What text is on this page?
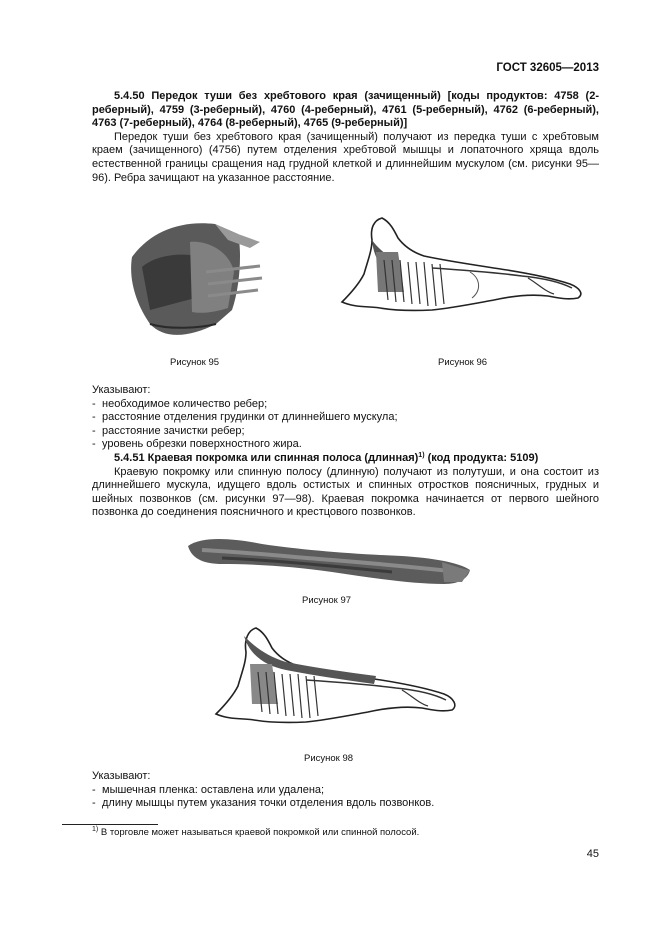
ГОСТ 32605—2013
5.4.50 Передок туши без хребтового края (зачищенный) [коды продуктов: 4758 (2-реберный), 4759 (3-реберный), 4760 (4-реберный), 4761 (5-реберный), 4762 (6-реберный), 4763 (7-реберный), 4764 (8-реберный), 4765 (9-реберный)]
Передок туши без хребтового края (зачищенный) получают из передка туши с хребтовым краем (зачищенного) (4756) путем отделения хребтовой мышцы и лопаточного хряща вдоль естественной границы сращения над грудной клеткой и длиннейшим мускулом (см. рисунки 95—96). Ребра зачищают на указанное расстояние.
Рисунок 95	Рисунок 96
Указывают:
- необходимое количество ребер;
- расстояние отделения грудинки от длиннейшего мускула;
- расстояние зачистки ребер;
- уровень обрезки поверхностного жира.
5.4.51 Краевая покромка или спинная полоса (длинная)$^{1)}$ (код продукта: 5109)
Краевую покромку или спинную полосу (длинную) получают из полутуши, и она состоит из длиннейшего мускула, идущего вдоль остистых и спинных отростков поясничных, грудных и шейных позвонков (см. рисунки 97—98). Краевая покромка начинается от первого шейного позвонка до соединения поясничного и крестцового позвонков.
Рисунок 97
Рисунок 98
Указывают:
- мышечная пленка: оставлена или удалена;
- длину мышцы путем указания точки отделения вдоль позвонков.
$^{1)}$ В торговле может называться краевой покромкой или спинной полосой.
45
